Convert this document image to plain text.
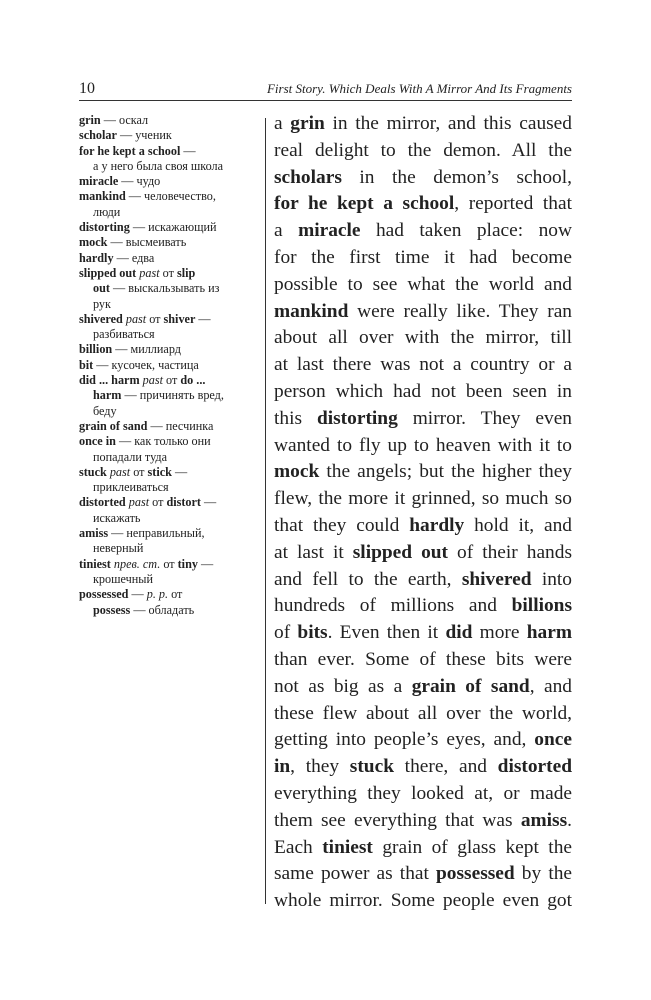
10	First Story. Which Deals With A Mirror And Its Fragments
grin — оскал
scholar — ученик
for he kept a school —
а у него была своя школа
miracle — чудо
mankind — человечество,
люди
distorting — искажающий
mock — высмеивать
hardly — едва
slipped out past от slip
out — выскальзывать из
рук
shivered past от shiver —
разбиваться
billion — миллиард
bit — кусочек, частица
did ... harm past от do ...
harm — причинять вред,
беду
grain of sand — песчинка
once in — как только они
попадали туда
stuck past от stick —
приклеиваться
distorted past от distort —
искажать
amiss — неправильный,
неверный
tiniest прев. ст. от tiny —
крошечный
possessed — p. p. от
possess — обладать
a grin in the mirror, and this caused
real delight to the demon. All the
scholars in the demon’s school,
for he kept a school, reported that
a miracle had taken place: now
for the first time it had become
possible to see what the world and
mankind were really like. They ran
about all over with the mirror, till
at last there was not a country or a
person which had not been seen in
this distorting mirror. They even
wanted to fly up to heaven with it to
mock the angels; but the higher they
flew, the more it grinned, so much so
that they could hardly hold it, and
at last it slipped out of their hands
and fell to the earth, shivered into
hundreds of millions and billions
of bits. Even then it did more harm
than ever. Some of these bits were
not as big as a grain of sand, and
these flew about all over the world,
getting into people’s eyes, and, once
in, they stuck there, and distorted
everything they looked at, or made
them see everything that was amiss.
Each tiniest grain of glass kept the
same power as that possessed by the
whole mirror. Some people even got
